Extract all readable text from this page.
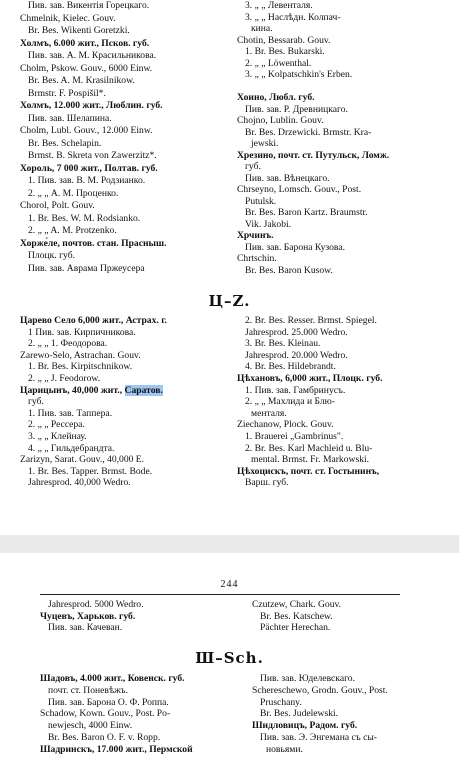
Пив. зав. Викентiя Горецкаго.
Chmelnik, Kielec. Gouv.
Br. Bes. Wikenti Goretzki.
Холмъ, 6.000 жит., Псков. губ.
Пив. зав. А. М. Красильникова.
Cholm, Pskow. Gouv., 6000 Einw.
Br. Bes. A. M. Krasilnikow.
Brmstr. F. Pospišil*.
Холмъ, 12.000 жит., Люблин. губ.
Пив. зав. Шелапина.
Cholm, Lubl. Gouv., 12.000 Einw.
Br. Bes. Schelapin.
Brmst. B. Skreta von Zawerzitz*.
Хороль, 7 000 жит., Полтав. губ.
1. Пив. зав. В. М. Родзианко.
2. „ „ А. М. Проценко.
Chorol, Polt. Gouv.
1. Br. Bes. W. M. Rodsianko.
2. „ „ A. M. Protzenko.
Хорже́ле, почтов. стан. Прасныш.
Плоцк. губ.
Пив. зав. Аврама Пржеусера
3. „ „ Левенталя.
3. „ „ Наслѣдн. Колпач-
кина.
Chotin, Bessarab. Gouv.
1. Br. Bes. Bukarski.
2. „ „ Löwenthal.
3. „ „ Kolpatschkin's Erben.
Хоино, Любл. губ.
Пив. зав. Р. Древницкаго.
Chojno, Lublin. Gouv.
Br. Bes. Drzewicki. Brmstr. Kra-
jewski.
Хрезино, почт. ст. Путульск, Ломж.
губ.
Пив. зав. Вѣнецкаго.
Chrseyno, Lomsch. Gouv., Post.
Putulsk.
Br. Bes. Baron Kartz. Braumstr.
Vik. Jakobi.
Хрчинъ.
Пив. зав. Барона Кузова.
Chrtschin.
Br. Bes. Baron Kusow.
Ц–Z.
Царево Село 6,000 жит., Астрах. г.
1 Пив. зав. Кирпичникова.
2. „ „ 1. Феодорова.
Zarewo-Selo, Astrachan. Gouv.
1. Br. Bes. Kirpitschnikow.
2. „ „ J. Feodorow.
Царицынъ, 40,000 жит., Саратов.
губ.
1. Пив. зав. Таппера.
2. „ „ Ресcера.
3. „ „ Клейнау.
4. „ „ Гильдебрандта.
Zarizyn, Sarat. Gouv., 40,000 E.
1. Br. Bes. Tapper. Brmst. Bode.
Jahresprod. 40,000 Wedro.
2. Br. Bes. Resser. Brmst. Spiegel.
Jahresprod. 25.000 Wedro.
3. Br. Bes. Kleinau.
Jahresprod. 20.000 Wedro.
4. Br. Bes. Hildebrandt.
Цѣхановъ, 6,000 жит., Плоцк. губ.
1. Пив. зав. Гамбринусъ.
2. „ „ Махлида и Блю-
менталя.
Ziechanow, Plock. Gouv.
1. Brauerei „Gambrinus".
2. Br. Bes. Karl Machleid u. Blu-
mental. Brmst. Fr. Markowski.
Цѣхоцискъ, почт. ст. Гостынинъ,
Варш. губ.
244
Jahresprod. 5000 Wedro.
Чуцевъ, Харьков. губ.
Пив. зав. Качеван.
Czutzew, Chark. Gouv.
Br. Bes. Katschew.
Pächter Herechan.
Ш–Sch.
Шадовъ, 4.000 жит., Ковенск. губ.
почт. ст. Поневѣжъ.
Пив. зав. Барона О. Ф. Роппа.
Schadow, Kown. Gouv., Post. Po-
newjesch, 4000 Einw.
Br. Bes. Baron O. F. v. Ropp.
Шадринскъ, 17.000 жит., Пермской
Пив. зав. Юделевскаго.
Schereschewo, Grodn. Gouv., Post.
Pruschany.
Br. Bes. Judelewski.
Шидловицъ, Радом. губ.
Пив. зав. Э. Энгемана съ сы-
новьями.
